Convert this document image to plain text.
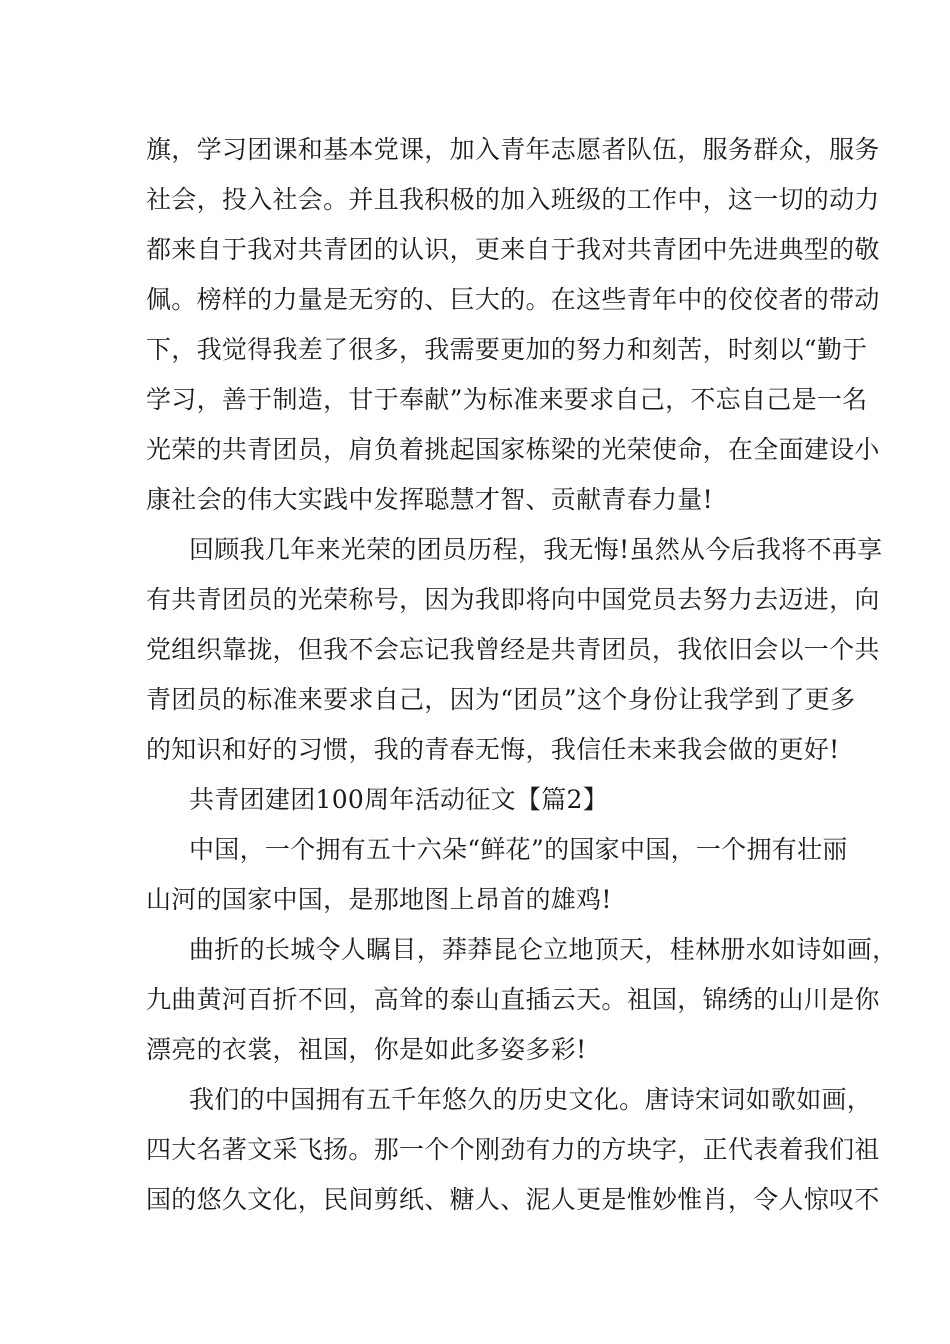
旗，学习团课和基本党课，加入青年志愿者队伍，服务群众，服务
社会，投入社会。并且我积极的加入班级的工作中，这一切的动力
都来自于我对共青团的认识，更来自于我对共青团中先进典型的敬
佩。榜样的力量是无穷的、巨大的。在这些青年中的佼佼者的带动
下，我觉得我差了很多，我需要更加的努力和刻苦，时刻以“勤于
学习，善于制造，甘于奉献”为标准来要求自己，不忘自己是一名
光荣的共青团员，肩负着挑起国家栋梁的光荣使命，在全面建设小
康社会的伟大实践中发挥聪慧才智、贡献青春力量!
回顾我几年来光荣的团员历程，我无悔!虽然从今后我将不再享
有共青团员的光荣称号，因为我即将向中国党员去努力去迈进，向
党组织靠拢，但我不会忘记我曾经是共青团员，我依旧会以一个共
青团员的标准来要求自己，因为“团员”这个身份让我学到了更多
的知识和好的习惯，我的青春无悔，我信任未来我会做的更好!
共青团建团100周年活动征文【篇2】
中国，一个拥有五十六朵“鲜花”的国家中国，一个拥有壮丽
山河的国家中国，是那地图上昂首的雄鸡!
曲折的长城令人瞩目，莽莽昆仑立地顶天，桂林册水如诗如画，
九曲黄河百折不回，高耸的泰山直插云天。祖国，锦绣的山川是你
漂亮的衣裳，祖国，你是如此多姿多彩!
我们的中国拥有五千年悠久的历史文化。唐诗宋词如歌如画，
四大名著文采飞扬。那一个个刚劲有力的方块字，正代表着我们祖
国的悠久文化，民间剪纸、糖人、泥人更是惟妙惟肖，令人惊叹不
